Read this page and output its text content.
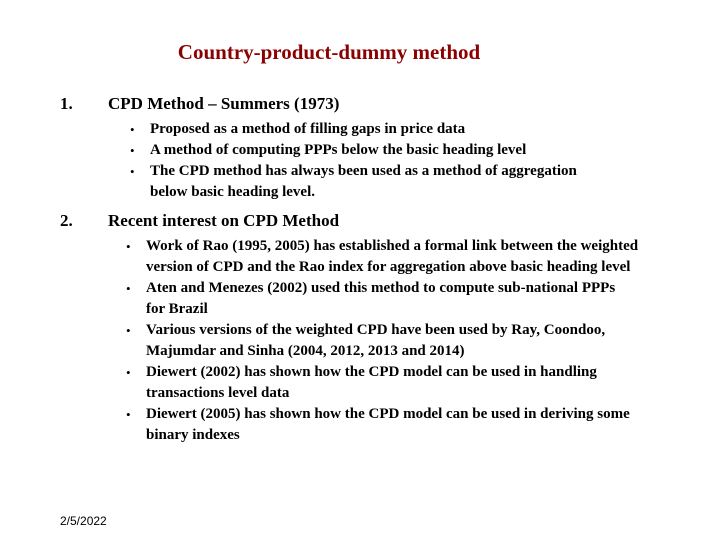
Country-product-dummy method
1. CPD Method – Summers (1973)
• Proposed as a method of filling gaps in price data
• A method of computing PPPs below the basic heading level
• The CPD method has always been used as a method of aggregation below basic heading level.
2. Recent interest on CPD Method
• Work of Rao (1995, 2005) has established a formal link between the weighted version of CPD and the Rao index for aggregation above basic heading level
• Aten and Menezes (2002) used this method to compute sub-national PPPs for Brazil
• Various versions of the weighted CPD have been used by Ray, Coondoo, Majumdar and Sinha (2004, 2012, 2013 and 2014)
• Diewert (2002) has shown how the CPD model can be used in handling transactions level data
• Diewert (2005) has shown how the CPD model can be used in deriving some binary indexes
2/5/2022
